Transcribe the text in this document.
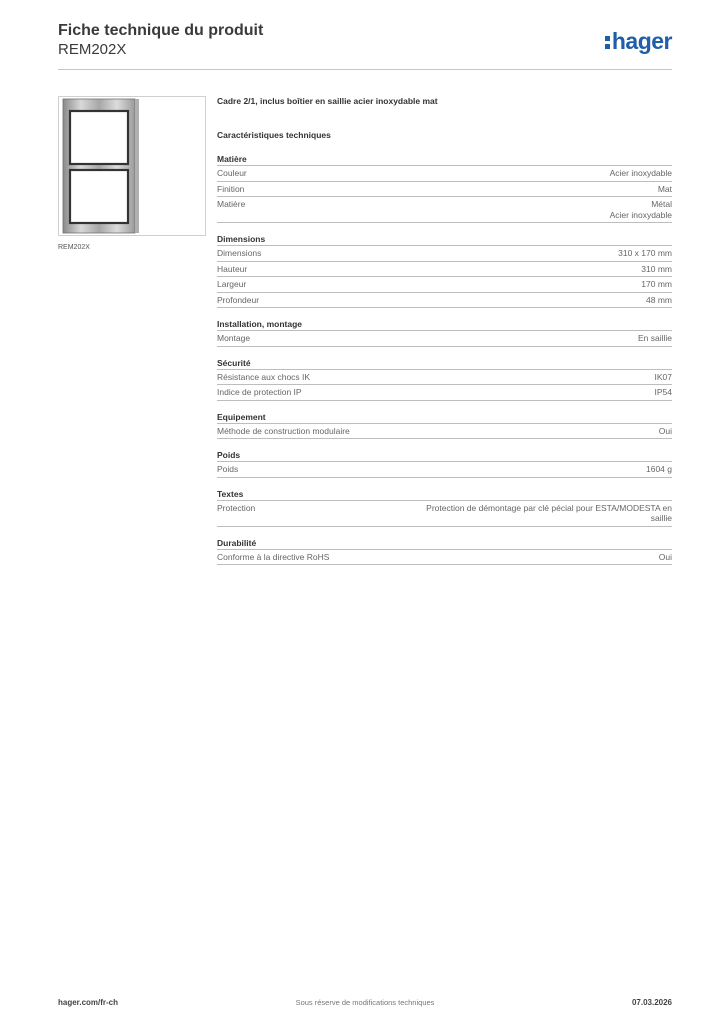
Fiche technique du produit
REM202X	hager
REM202X
Cadre 2/1, inclus boîtier en saillie acier inoxydable mat
Caractéristiques techniques
Matière
Couleur	Acier inoxydable
Finition	Mat
Matière	Métal
Acier inoxydable
Dimensions
Dimensions	310 x 170 mm
Hauteur	310 mm
Largeur	170 mm
Profondeur	48 mm
Installation, montage
Montage	En saillie
Sécurité
Résistance aux chocs IK	IK07
Indice de protection IP	IP54
Equipement
Méthode de construction modulaire	Oui
Poids
Poids	1604 g
Textes
Protection	Protection de démontage par clé pécial pour ESTA/MODESTA en
saillie
Durabilité
Conforme à la directive RoHS	Oui
hager.com/fr-ch	Sous réserve de modifications techniques	07.03.2026
